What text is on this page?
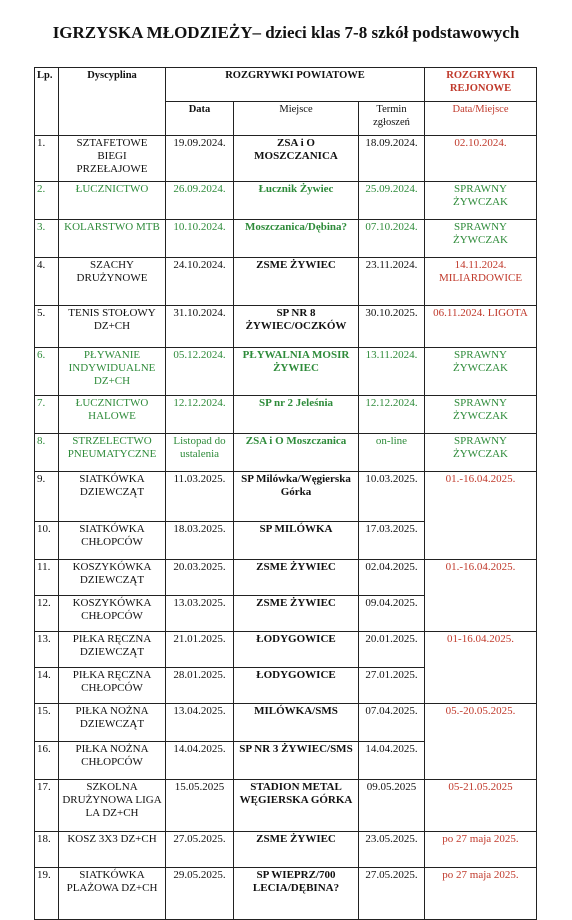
IGRZYSKA MŁODZIEŻY– dzieci klas 7-8 szkół podstawowych
Lp.	Dyscyplina	ROZGRYWKI POWIATOWE			ROZGRYWKI REJONOWE
		Data	Miejsce	Termin zgłoszeń	Data/Miejsce
1.	SZTAFETOWE BIEGI PRZEŁAJOWE	19.09.2024.	ZSA i O MOSZCZANICA	18.09.2024.	02.10.2024.
2.	ŁUCZNICTWO	26.09.2024.	Łucznik Żywiec	25.09.2024.	SPRAWNY ŻYWCZAK
3.	KOLARSTWO MTB	10.10.2024.	Moszczanica/Dębina?	07.10.2024.	SPRAWNY ŻYWCZAK
4.	SZACHY DRUŻYNOWE	24.10.2024.	ZSME ŻYWIEC	23.11.2024.	14.11.2024. MILIARDOWICE
5.	TENIS STOŁOWY DZ+CH	31.10.2024.	SP NR 8 ŻYWIEC/OCZKÓW	30.10.2025.	06.11.2024. LIGOTA
6.	PŁYWANIE INDYWIDUALNE DZ+CH	05.12.2024.	PŁYWALNIA MOSIR ŻYWIEC	13.11.2024.	SPRAWNY ŻYWCZAK
7.	ŁUCZNICTWO HALOWE	12.12.2024.	SP nr 2 Jeleśnia	12.12.2024.	SPRAWNY ŻYWCZAK
8.	STRZELECTWO PNEUMATYCZNE	Listopad do ustalenia	ZSA i O Moszczanica	on-line	SPRAWNY ŻYWCZAK
9.	SIATKÓWKA DZIEWCZĄT	11.03.2025.	SP Milówka/Węgierska Górka	10.03.2025.	01.-16.04.2025.
10.	SIATKÓWKA CHŁOPCÓW	18.03.2025.	SP MILÓWKA	17.03.2025.	
11.	KOSZYKÓWKA DZIEWCZĄT	20.03.2025.	ZSME ŻYWIEC	02.04.2025.	01.-16.04.2025.
12.	KOSZYKÓWKA CHŁOPCÓW	13.03.2025.	ZSME ŻYWIEC	09.04.2025.	
13.	PIŁKA RĘCZNA DZIEWCZĄT	21.01.2025.	ŁODYGOWICE	20.01.2025.	01-16.04.2025.
14.	PIŁKA RĘCZNA CHŁOPCÓW	28.01.2025.	ŁODYGOWICE	27.01.2025.	
15.	PIŁKA NOŻNA DZIEWCZĄT	13.04.2025.	MILÓWKA/SMS	07.04.2025.	05.-20.05.2025.
16.	PIŁKA NOŻNA CHŁOPCÓW	14.04.2025.	SP NR 3 ŻYWIEC/SMS	14.04.2025.	
17.	SZKOLNA DRUŻYNOWA LIGA LA DZ+CH	15.05.2025	STADION METAL WĘGIERSKA GÓRKA	09.05.2025	05-21.05.2025
18.	KOSZ 3X3 DZ+CH	27.05.2025.	ZSME ŻYWIEC	23.05.2025.	po 27 maja 2025.
19.	SIATKÓWKA PLAŻOWA DZ+CH	29.05.2025.	SP WIEPRZ/700 LECIA/DĘBINA?	27.05.2025.	po 27 maja 2025.
